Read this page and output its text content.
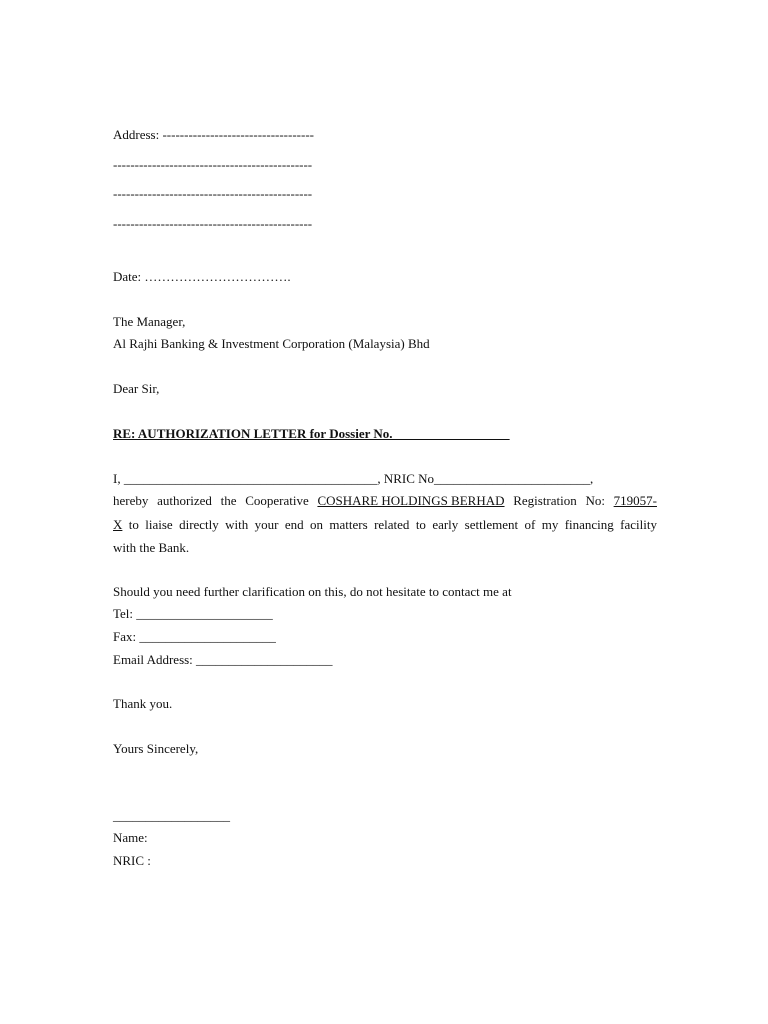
Address: -----------------------------------
----------------------------------------------
----------------------------------------------
----------------------------------------------
Date: …………………………….
The Manager,
Al Rajhi Banking & Investment Corporation (Malaysia) Bhd
Dear Sir,
RE: AUTHORIZATION LETTER for Dossier No.__________________
I, _______________________________________, NRIC No________________________,
hereby authorized the Cooperative COSHARE HOLDINGS BERHAD Registration No: 719057-
X to liaise directly with your end on matters related to early settlement of my financing facility
with the Bank.
Should you need further clarification on this, do not hesitate to contact me at
Tel: _____________________
Fax: _____________________
Email Address: _____________________
Thank you.
Yours Sincerely,
__________________
Name:
NRIC :
